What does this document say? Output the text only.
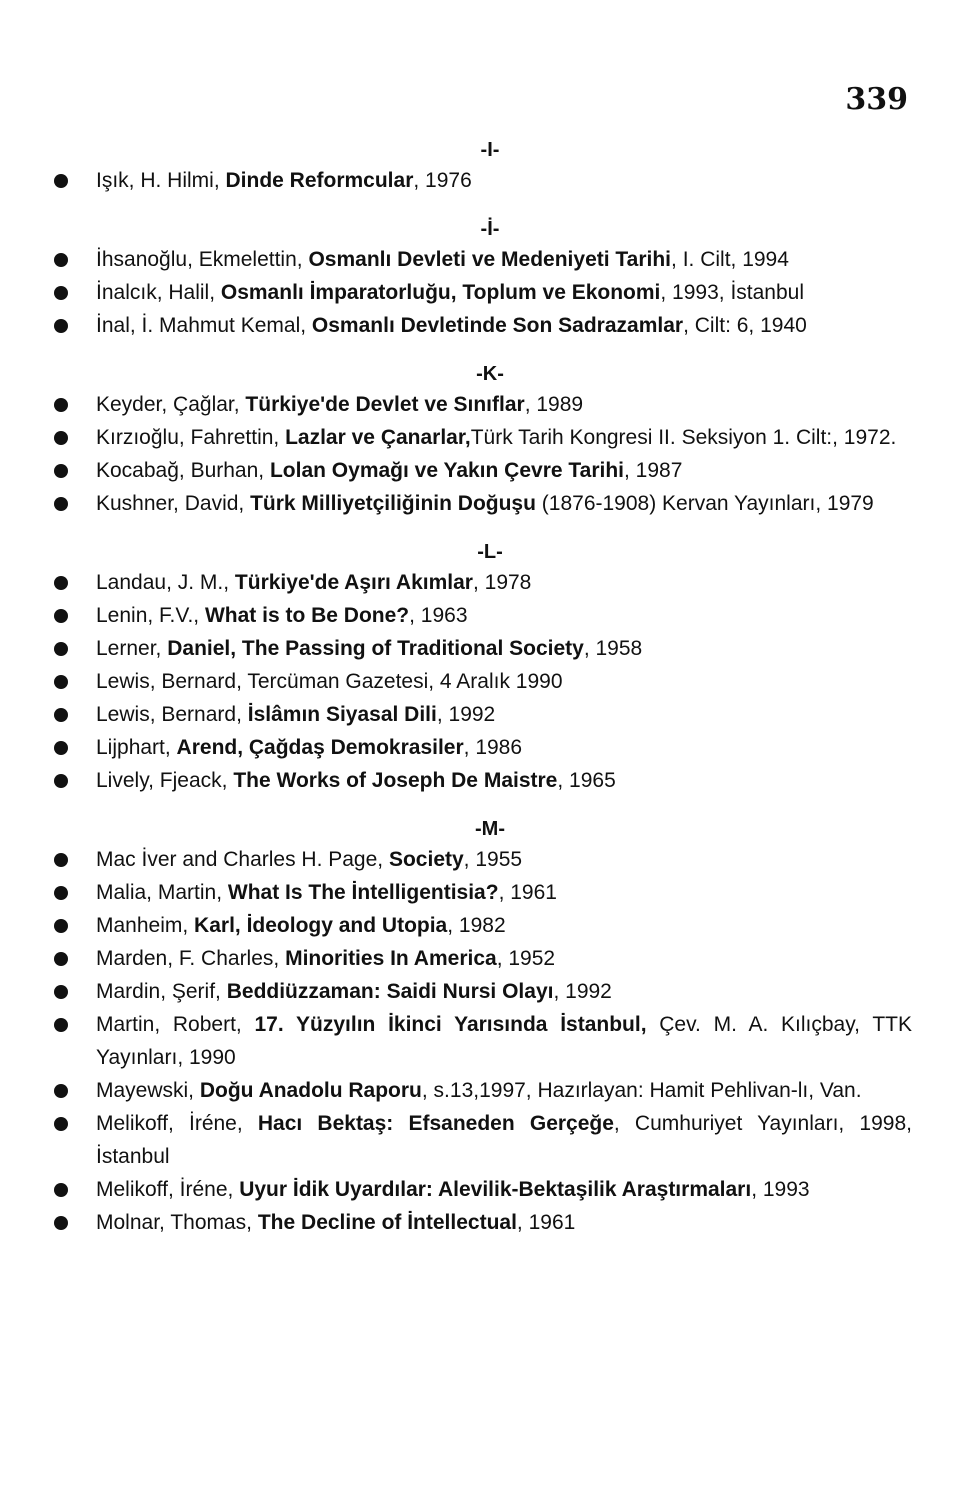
339
-I-
Işık, H. Hilmi, Dinde Reformcular, 1976
-İ-
İhsanoğlu, Ekmelettin, Osmanlı Devleti ve Medeniyeti Tarihi, I. Cilt, 1994
İnalcık, Halil, Osmanlı İmparatorluğu, Toplum ve Ekonomi, 1993, İstanbul
İnal, İ. Mahmut Kemal, Osmanlı Devletinde Son Sadrazamlar, Cilt: 6, 1940
-K-
Keyder, Çağlar, Türkiye'de Devlet ve Sınıflar, 1989
Kırzıoğlu, Fahrettin, Lazlar ve Çanarlar,Türk Tarih Kongresi II. Seksiyon 1. Cilt:, 1972.
Kocabağ, Burhan, Lolan Oymağı ve Yakın Çevre Tarihi, 1987
Kushner, David, Türk Milliyetçiliğinin Doğuşu (1876-1908) Kervan Yayınları, 1979
-L-
Landau, J. M., Türkiye'de Aşırı Akımlar, 1978
Lenin, F.V., What is to Be Done?, 1963
Lerner, Daniel, The Passing of Traditional Society, 1958
Lewis, Bernard, Tercüman Gazetesi, 4 Aralık 1990
Lewis, Bernard, İslâmın Siyasal Dili, 1992
Lijphart, Arend, Çağdaş Demokrasiler, 1986
Lively, Fjeack, The Works of Joseph De Maistre, 1965
-M-
Mac İver and Charles H. Page, Society, 1955
Malia, Martin, What Is The İntelligentisia?, 1961
Manheim, Karl, İdeology and Utopia, 1982
Marden, F. Charles, Minorities In America, 1952
Mardin, Şerif, Beddiüzzaman: Saidi Nursi Olayı, 1992
Martin, Robert, 17. Yüzyılın İkinci Yarısında İstanbul, Çev. M. A. Kılıçbay, TTK Yayınları, 1990
Mayewski, Doğu Anadolu Raporu, s.13,1997, Hazırlayan: Hamit Pehlivan-lı, Van.
Melikoff, İréne, Hacı Bektaş: Efsaneden Gerçeğe, Cumhuriyet Yayınları, 1998, İstanbul
Melikoff, İréne, Uyur İdik Uyardılar: Alevilik-Bektaşilik Araştırmaları, 1993
Molnar, Thomas, The Decline of İntellectual, 1961
